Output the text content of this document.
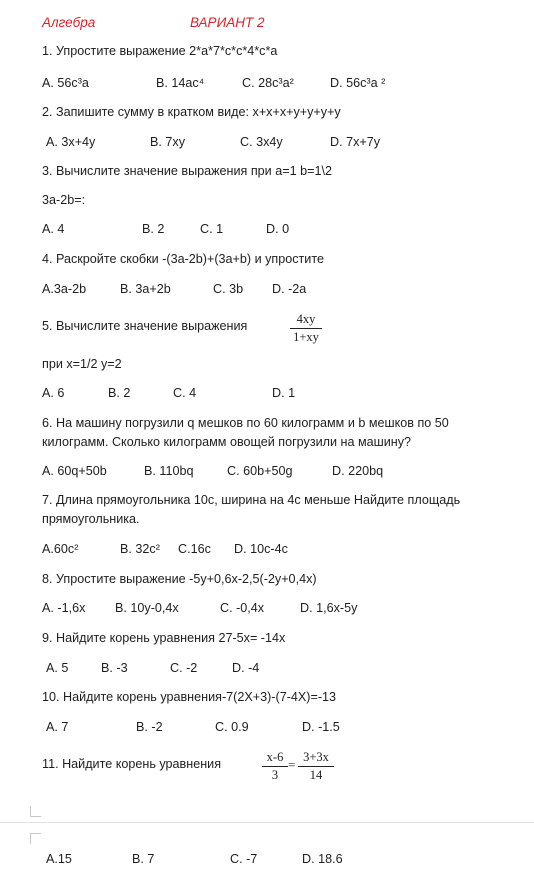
Алгебра	ВАРИАНТ 2
1. Упростите выражение 2*а*7*с*с*4*с*а
А. 56с³а	В. 14ас⁴	С. 28с³а²	D. 56с³а ²
2. Запишите сумму в кратком виде: х+х+х+у+у+у+у
А. 3х+4у	В. 7ху	С. 3х4у	D. 7х+7у
3. Вычислите значение выражения при а=1 b=1\2
3a-2b=:
А. 4	В. 2	С. 1	D. 0
4. Раскройте скобки -(3а-2b)+(3а+b) и упростите
А.3а-2b	В. 3а+2b	С. 3b D. -2а
5. Вычислите значение выражения	$\frac{4xy}{1+xy}$
при х=1/2 у=2
А. 6	В. 2	С. 4	D. 1
6. На машину погрузили q мешков по 60 килограмм и b мешков по 50 килограмм. Сколько килограмм овощей погрузили на машину?
А. 60q+50b	В. 110bq	С. 60b+50g	D. 220bq
7. Длина прямоугольника 10с, ширина на 4с меньше Найдите площадь прямоугольника.
А.60с²	В. 32с² С.16с D. 10с-4с
8. Упростите выражение -5у+0,6х-2,5(-2у+0,4х)
А. -1,6х В. 10у-0,4х	С. -0,4х	D. 1,6х-5у
9. Найдите корень уравнения 27-5х= -14х
А. 5	В. -3	С. -2	D. -4
10. Найдите корень уравнения-7(2Х+3)-(7-4Х)=-13
А. 7	В. -2	С. 0.9	D. -1.5
11. Найдите корень уравнения	$\frac{x-6}{3} = \frac{3+3x}{14}$
А.15	В. 7	С. -7	D. 18.6
